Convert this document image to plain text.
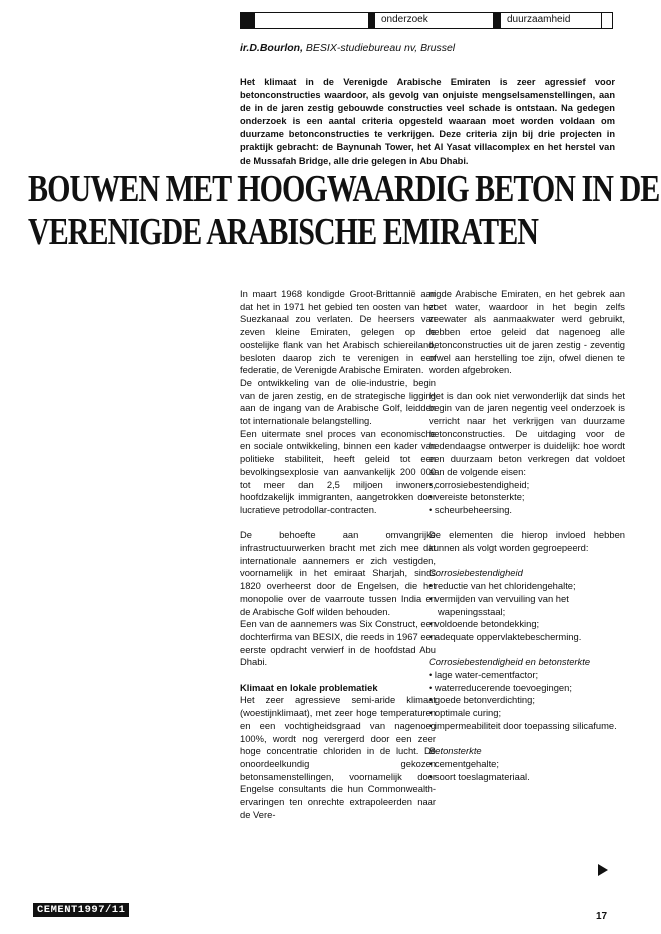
onderzoek	duurzaamheid
ir.D.Bourlon, BESIX-studiebureau nv, Brussel
Het klimaat in de Verenigde Arabische Emiraten is zeer agressief voor betonconstructies waardoor, als gevolg van onjuiste mengselsamenstellingen, aan de in de jaren zestig gebouwde constructies veel schade is ontstaan. Na gedegen onderzoek is een aantal criteria opgesteld waaraan moet worden voldaan om duurzame betonconstructies te verkrijgen. Deze criteria zijn bij drie projecten in praktijk gebracht: de Baynunah Tower, het Al Yasat villacomplex en het herstel van de Mussafah Bridge, alle drie gelegen in Abu Dhabi.
BOUWEN MET HOOGWAARDIG BETON IN DE
VERENIGDE ARABISCHE EMIRATEN

In maart 1968 kondigde Groot-Brittannië aan dat het in 1971 het gebied ten oosten van het Suezkanaal zou verlaten. De heersers van zeven kleine Emiraten, gelegen op de oostelijke flank van het Arabisch schiereiland, besloten daarop zich te verenigen in een federatie, de Verenigde Arabische Emiraten.

De ontwikkeling van de olie-industrie, begin van de jaren zestig, en de strategische ligging aan de ingang van de Arabische Golf, leidden tot internationale belangstelling.

Een uitermate snel proces van economische en sociale ontwikkeling, binnen een kader van politieke stabiliteit, heeft geleid tot een bevolkingsexplosie van aanvankelijk 200 000 tot meer dan 2,5 miljoen inwoners, hoofdzakelijk immigranten, aangetrokken door lucratieve petrodollar-contracten.

De behoefte aan omvangrijke infrastructuurwerken bracht met zich mee dat internationale aannemers er zich vestigden, voornamelijk in het emiraat Sharjah, sinds 1820 overheerst door de Engelsen, die het monopolie over de vaarroute tussen India en de Arabische Golf wilden behouden.

Een van de aannemers was Six Construct, een dochterfirma van BESIX, die reeds in 1967 een eerste opdracht verwierf in de hoofdstad Abu Dhabi.

Klimaat en lokale problematiek

Het zeer agressieve semi-aride klimaat (woestijnklimaat), met zeer hoge temperaturen en een vochtigheidsgraad van nagenoeg 100%, wordt nog verergerd door een zeer hoge concentratie chloriden in de lucht. De onoordeelkundig gekozen betonsamenstellingen, voornamelijk door Engelse consultants die hun Commonwealth-ervaringen ten onrechte extrapoleerden naar de Vere-

nigde Arabische Emiraten, en het gebrek aan zoet water, waardoor in het begin zelfs zeewater als aanmaakwater werd gebruikt, hebben ertoe geleid dat nagenoeg alle betonconstructies uit de jaren zestig - zeventig ofwel aan herstelling toe zijn, ofwel dienen te worden afgebroken.

Het is dan ook niet verwonderlijk dat sinds het begin van de jaren negentig veel onderzoek is verricht naar het verkrijgen van duurzame betonconstructies. De uitdaging voor de hedendaagse ontwerper is duidelijk: hoe wordt een duurzaam beton verkregen dat voldoet aan de volgende eisen:

• corrosiebestendigheid;
• vereiste betonsterkte;
• scheurbeheersing.

De elementen die hierop invloed hebben kunnen als volgt worden gegroepeerd:

Corrosiebestendigheid

• reductie van het chloridengehalte;
• vermijden van vervuiling van het wapeningsstaal;
• voldoende betondekking;
• adequate oppervlaktebescherming.

Corrosiebestendigheid en betonsterkte

• lage water-cementfactor;
• waterreducerende toevoegingen;
• goede betonverdichting;
• optimale curing;
• impermeabiliteit door toepassing silicafume.

Betonsterkte

• cementgehalte;
• soort toeslagmateriaal.
CEMENT1997/11
17
